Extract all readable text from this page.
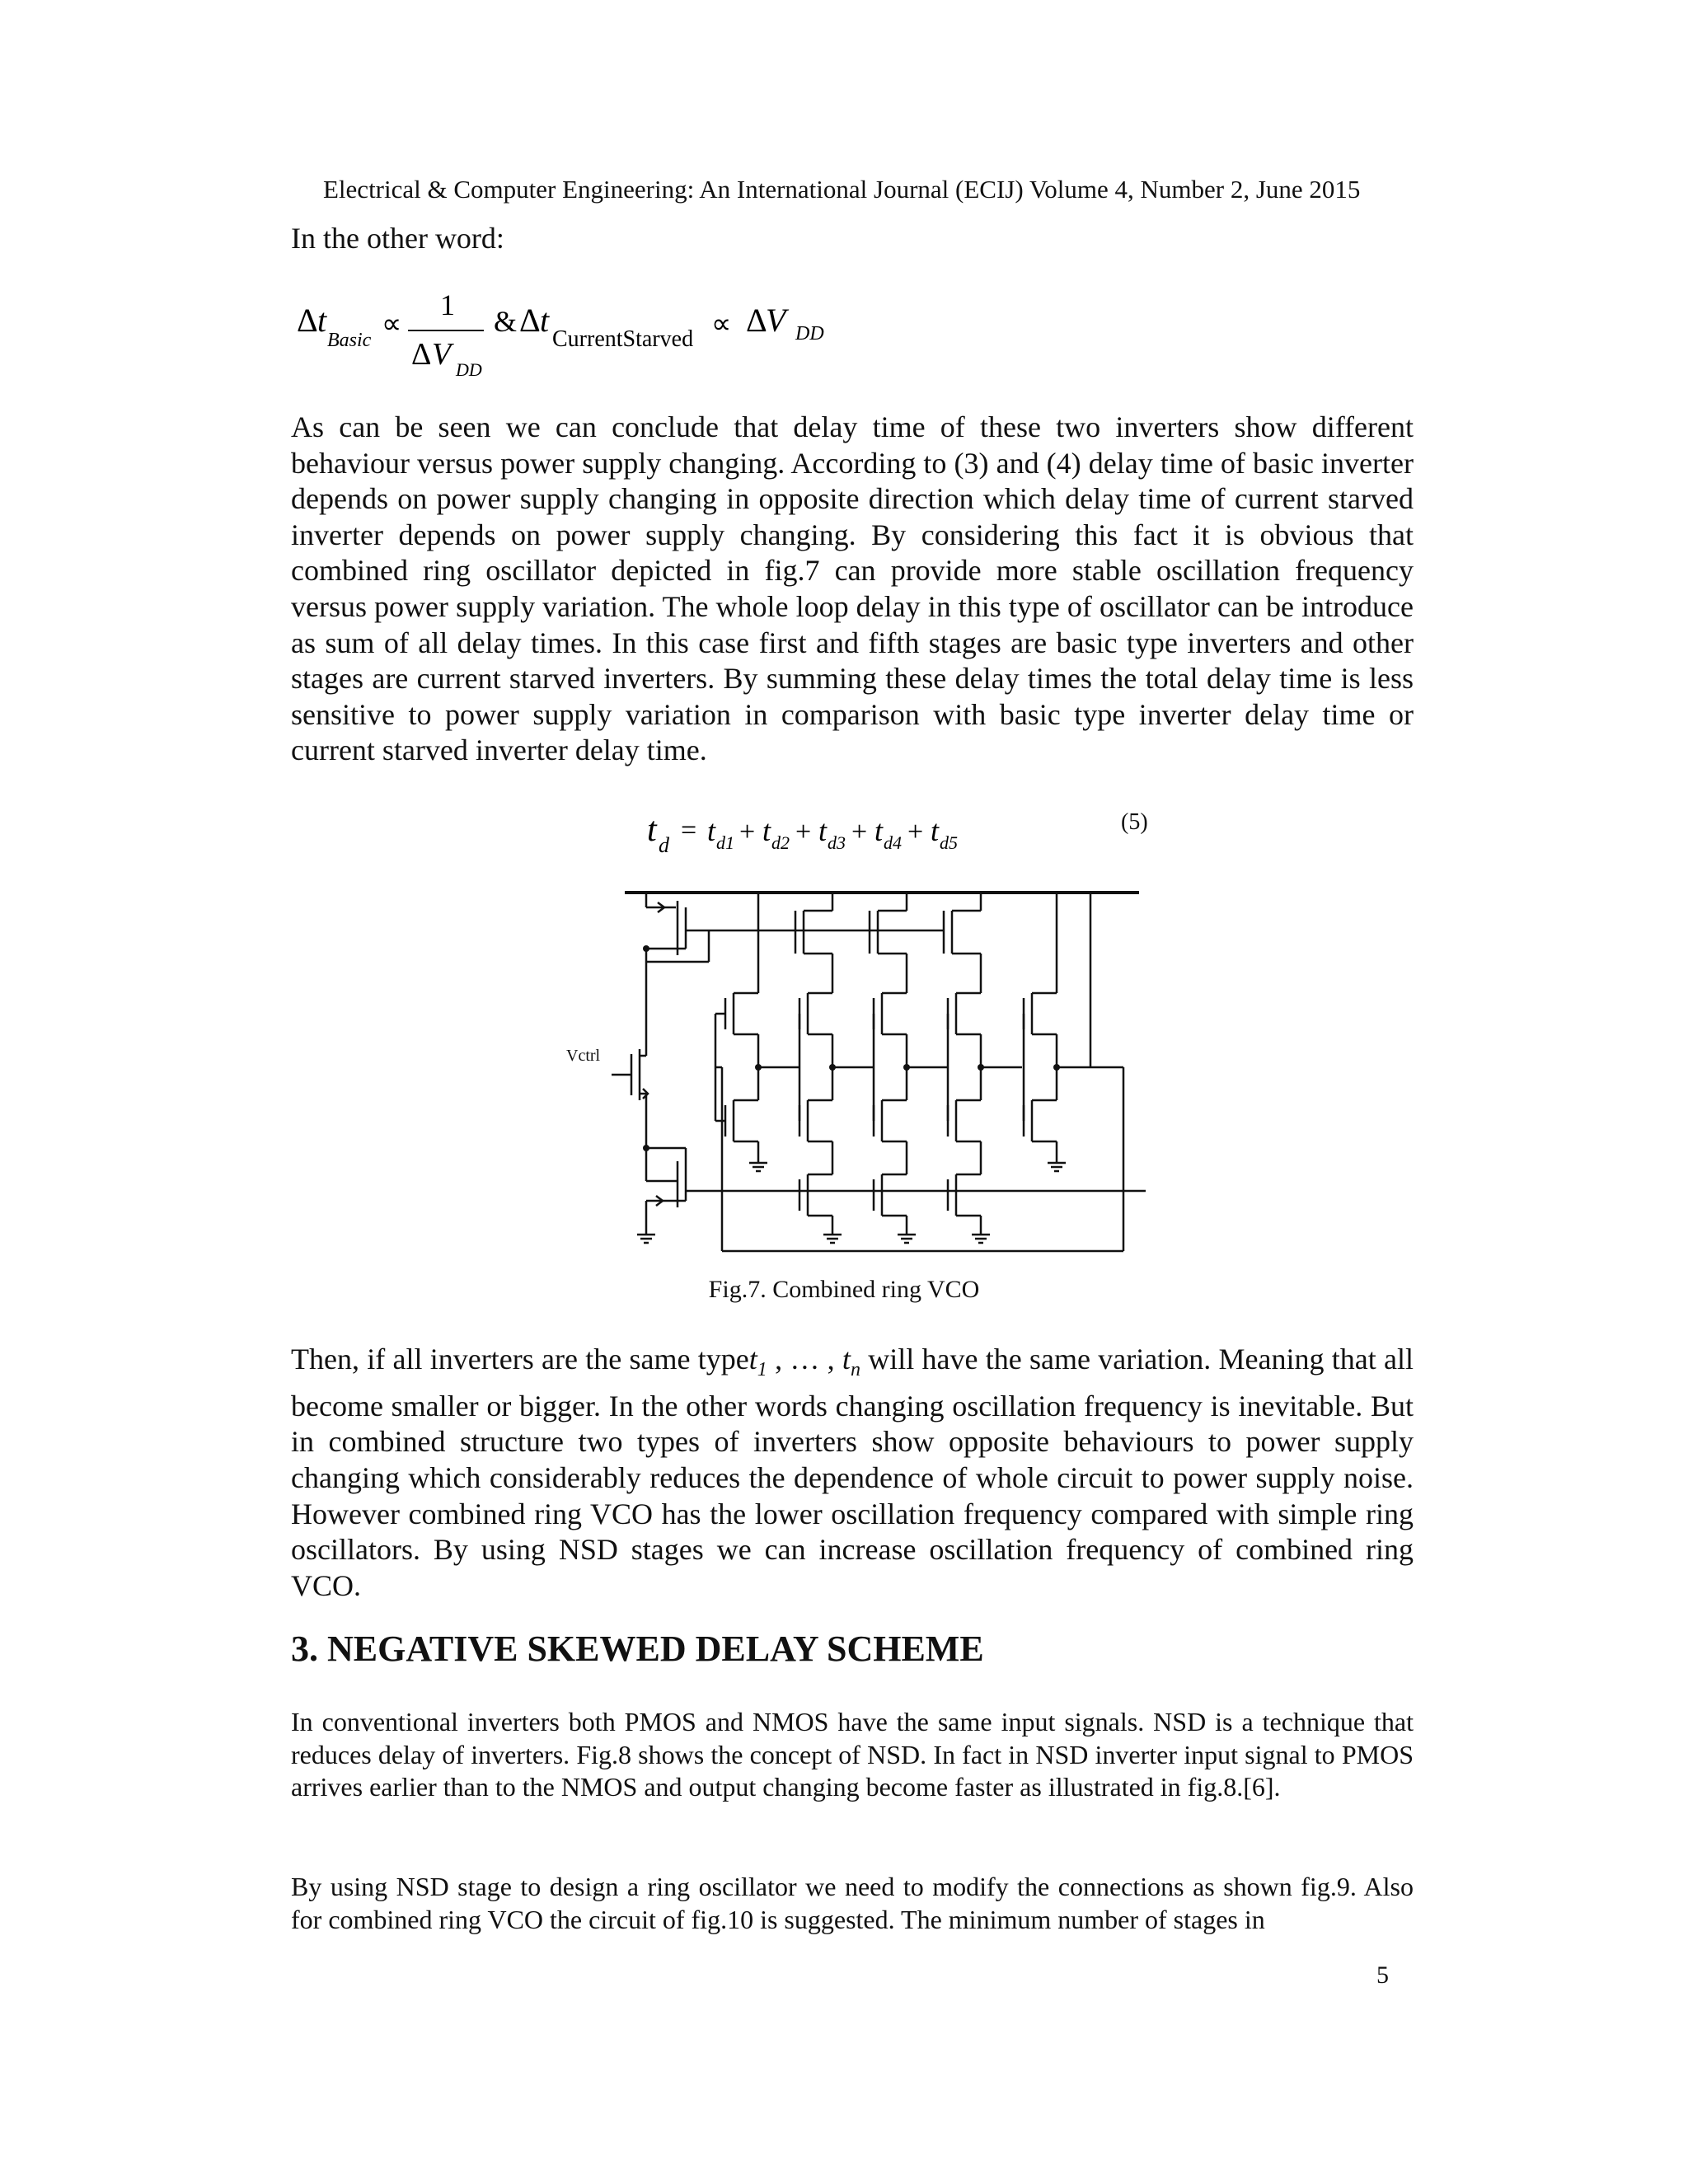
Electrical & Computer Engineering: An International Journal (ECIJ) Volume 4, Number 2, June 2015
In the other word:
Δ t
Basic
∝
1
Δ V DD
& Δ t
CurrentStarved ∝ Δ
V DD
As can be seen we can conclude that delay time of these two inverters show different behaviour versus power supply changing. According to (3) and (4) delay time of basic inverter depends on power supply changing in opposite direction which delay time of current starved inverter depends on power supply changing. By considering this fact it is obvious that combined ring oscillator depicted in fig.7 can provide more stable oscillation frequency versus power supply variation. The whole loop delay in this type of oscillator can be introduce as sum of all delay times. In this case first and fifth stages are basic type inverters and other stages are current starved inverters. By summing these delay times the total delay time is less sensitive to power supply variation in comparison with basic type inverter delay time or current starved inverter delay time.
t d = t d1 + t d2 + t d3 + t d4 + t d5
(5)
Vctrl
Fig.7. Combined ring VCO
Then, if all inverters are the same typet$_1$ , … , $t_n$ will have the same variation. Meaning that all become smaller or bigger. In the other words changing oscillation frequency is inevitable. But in combined structure two types of inverters show opposite behaviours to power supply changing which considerably reduces the dependence of whole circuit to power supply noise. However combined ring VCO has the lower oscillation frequency compared with simple ring oscillators. By using NSD stages we can increase oscillation frequency of combined ring VCO.
3. NEGATIVE SKEWED DELAY SCHEME
In conventional inverters both PMOS and NMOS have the same input signals. NSD is a technique that reduces delay of inverters. Fig.8 shows the concept of NSD. In fact in NSD inverter input signal to PMOS arrives earlier than to the NMOS and output changing become faster as illustrated in fig.8.[6].
By using NSD stage to design a ring oscillator we need to modify the connections as shown fig.9. Also for combined ring VCO the circuit of fig.10 is suggested. The minimum number of stages in
5
